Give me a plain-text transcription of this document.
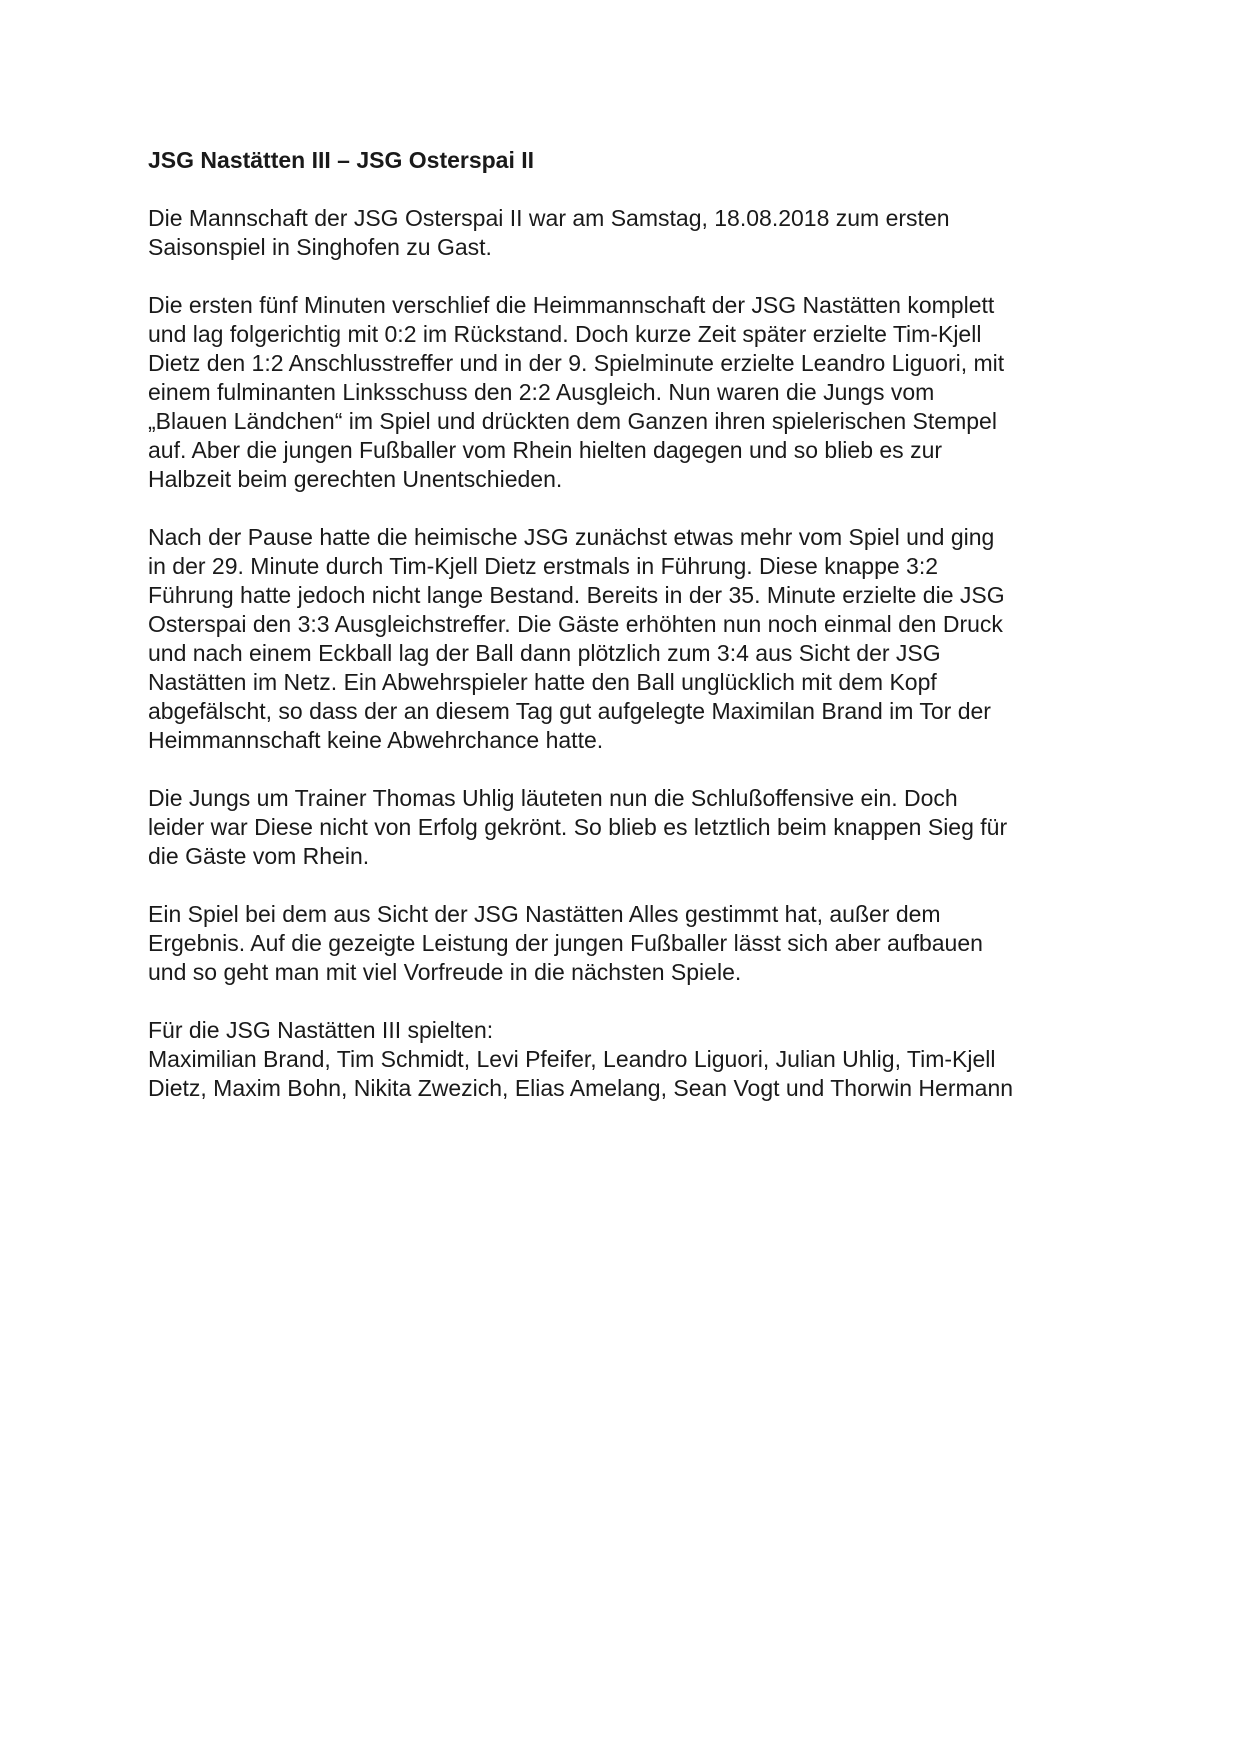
JSG Nastätten III – JSG Osterspai II
Die Mannschaft der JSG Osterspai II war am Samstag, 18.08.2018 zum ersten
Saisonspiel in Singhofen zu Gast.
Die ersten fünf Minuten verschlief die Heimmannschaft der JSG Nastätten komplett
und lag folgerichtig mit 0:2 im Rückstand. Doch kurze Zeit später erzielte Tim-Kjell
Dietz den 1:2 Anschlusstreffer und in der 9. Spielminute erzielte Leandro Liguori, mit
einem fulminanten Linksschuss den 2:2 Ausgleich. Nun waren die Jungs vom
„Blauen Ländchen“ im Spiel und drückten dem Ganzen ihren spielerischen Stempel
auf. Aber die jungen Fußballer vom Rhein hielten dagegen und so blieb es zur
Halbzeit beim gerechten Unentschieden.
Nach der Pause hatte die heimische JSG zunächst etwas mehr vom Spiel und ging
in der 29. Minute durch Tim-Kjell Dietz erstmals in Führung. Diese knappe 3:2
Führung hatte jedoch nicht lange Bestand. Bereits in der 35. Minute erzielte die JSG
Osterspai den 3:3 Ausgleichstreffer. Die Gäste erhöhten nun noch einmal den Druck
und nach einem Eckball lag der Ball dann plötzlich zum 3:4 aus Sicht der JSG
Nastätten im Netz. Ein Abwehrspieler hatte den Ball unglücklich mit dem Kopf
abgefälscht, so dass der an diesem Tag gut aufgelegte Maximilan Brand im Tor der
Heimmannschaft keine Abwehrchance hatte.
Die Jungs um Trainer Thomas Uhlig läuteten nun die Schlußoffensive ein. Doch
leider war Diese nicht von Erfolg gekrönt. So blieb es letztlich beim knappen Sieg für
die Gäste vom Rhein.
Ein Spiel bei dem aus Sicht der JSG Nastätten Alles gestimmt hat, außer dem
Ergebnis. Auf die gezeigte Leistung der jungen Fußballer lässt sich aber aufbauen
und so geht man mit viel Vorfreude in die nächsten Spiele.
Für die JSG Nastätten III spielten:
Maximilian Brand, Tim Schmidt, Levi Pfeifer, Leandro Liguori, Julian Uhlig, Tim-Kjell
Dietz, Maxim Bohn, Nikita Zwezich, Elias Amelang, Sean Vogt und Thorwin Hermann
